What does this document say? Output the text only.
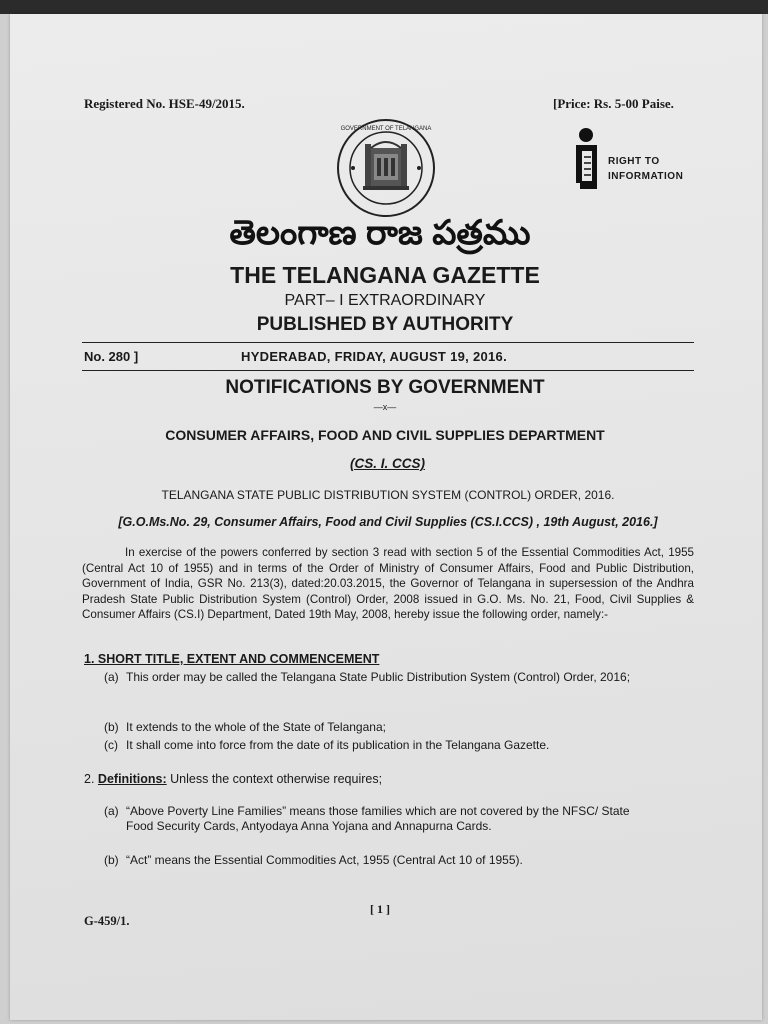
Registered No. HSE-49/2015.	[Price: Rs. 5-00 Paise.
GOVERNMENT OF TELANGANA
RIGHT TO
INFORMATION
తెలంగాణ రాజ పత్రము
THE TELANGANA GAZETTE
PART– I EXTRAORDINARY
PUBLISHED BY AUTHORITY
No. 280 ]	HYDERABAD, FRIDAY, AUGUST 19, 2016.
NOTIFICATIONS BY GOVERNMENT
—x—
CONSUMER AFFAIRS, FOOD AND CIVIL SUPPLIES DEPARTMENT
(CS. I. CCS)
TELANGANA STATE PUBLIC DISTRIBUTION SYSTEM (CONTROL) ORDER, 2016.
[G.O.Ms.No. 29, Consumer Affairs, Food and Civil Supplies (CS.I.CCS) , 19th August, 2016.]
In exercise of the powers conferred by section 3 read with section 5 of the Essential Commodities Act, 1955 (Central Act 10 of 1955) and in terms of the Order of Ministry of Consumer Affairs, Food and Public Distribution, Government of India, GSR No. 213(3), dated:20.03.2015, the Governor of Telangana in supersession of the Andhra Pradesh State Public Distribution System (Control) Order, 2008 issued in G.O. Ms. No. 21, Food, Civil Supplies & Consumer Affairs (CS.I) Department, Dated 19th May, 2008, hereby issue the following order, namely:-
1. SHORT TITLE, EXTENT AND COMMENCEMENT
(a) This order may be called the Telangana State Public Distribution System (Control) Order, 2016;
(b) It extends to the whole of the State of Telangana;
(c) It shall come into force from the date of its publication in the Telangana Gazette.
2. Definitions: Unless the context otherwise requires;
(a) “Above Poverty Line Families” means those families which are not covered by the NFSC/ State Food Security Cards, Antyodaya Anna Yojana and Annapurna Cards.
(b) “Act” means the Essential Commodities Act, 1955 (Central Act 10 of 1955).
[ 1 ]
G-459/1.
